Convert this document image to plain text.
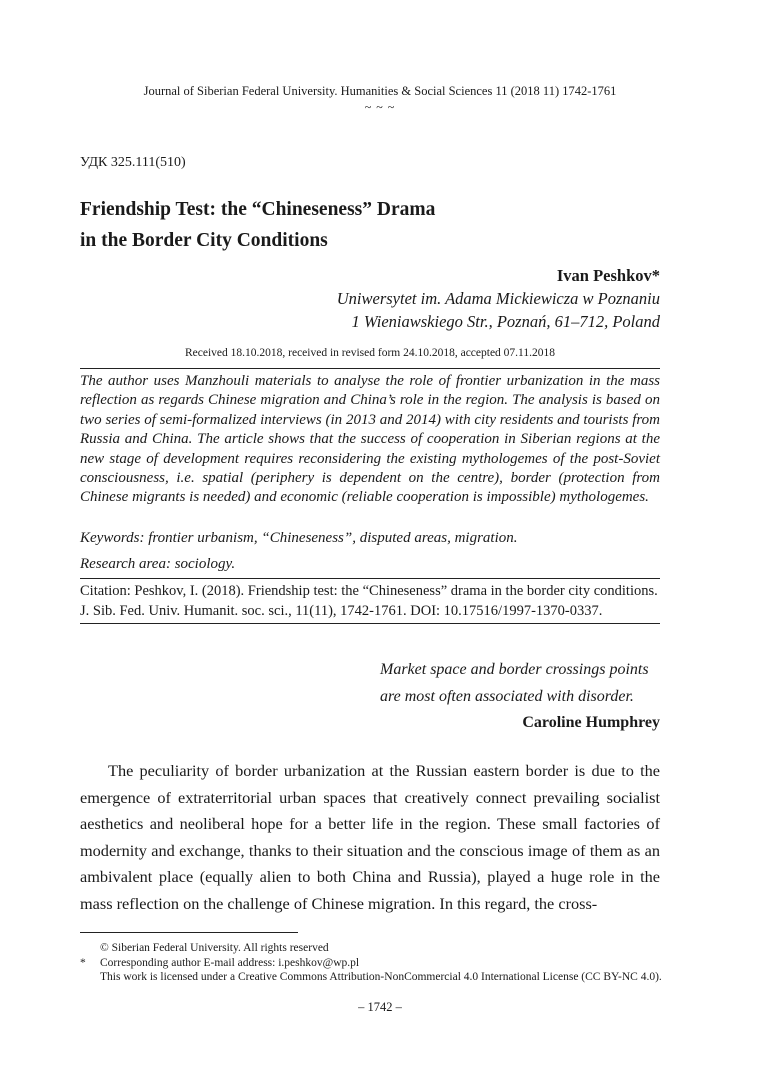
Journal of Siberian Federal University. Humanities & Social Sciences 11 (2018 11) 1742-1761
~ ~ ~
УДК 325.111(510)
Friendship Test: the “Chineseness” Drama
in the Border City Conditions
Ivan Peshkov*
Uniwersytet im. Adama Mickiewicza w Poznaniu
1 Wieniawskiego Str., Poznań, 61–712, Poland
Received 18.10.2018, received in revised form 24.10.2018, accepted 07.11.2018
The author uses Manzhouli materials to analyse the role of frontier urbanization in the mass reflection as regards Chinese migration and China’s role in the region. The analysis is based on two series of semi-formalized interviews (in 2013 and 2014) with city residents and tourists from Russia and China. The article shows that the success of cooperation in Siberian regions at the new stage of development requires reconsidering the existing mythologemes of the post-Soviet consciousness, i.e. spatial (periphery is dependent on the centre), border (protection from Chinese migrants is needed) and economic (reliable cooperation is impossible) mythologemes.
Keywords: frontier urbanism, “Chineseness”, disputed areas, migration.
Research area: sociology.
Citation: Peshkov, I. (2018). Friendship test: the “Chineseness” drama in the border city conditions.
J. Sib. Fed. Univ. Humanit. soc. sci., 11(11), 1742-1761. DOI: 10.17516/1997-1370-0337.
Market space and border crossings points
are most often associated with disorder.
Caroline Humphrey

The peculiarity of border urbanization at the Russian eastern border is due to the emergence of extraterritorial urban spaces that creatively connect prevailing socialist aesthetics and neoliberal hope for a better life in the region. These small factories of modernity and exchange, thanks to their situation and the conscious image of them as an ambivalent place (equally alien to both China and Russia), played a huge role in the mass reflection on the challenge of Chinese migration. In this regard, the cross-

© Siberian Federal University. All rights reserved
* Corresponding author E-mail address: i.peshkov@wp.pl
This work is licensed under a Creative Commons Attribution-NonCommercial 4.0 International License (CC BY-NC 4.0).
– 1742 –
